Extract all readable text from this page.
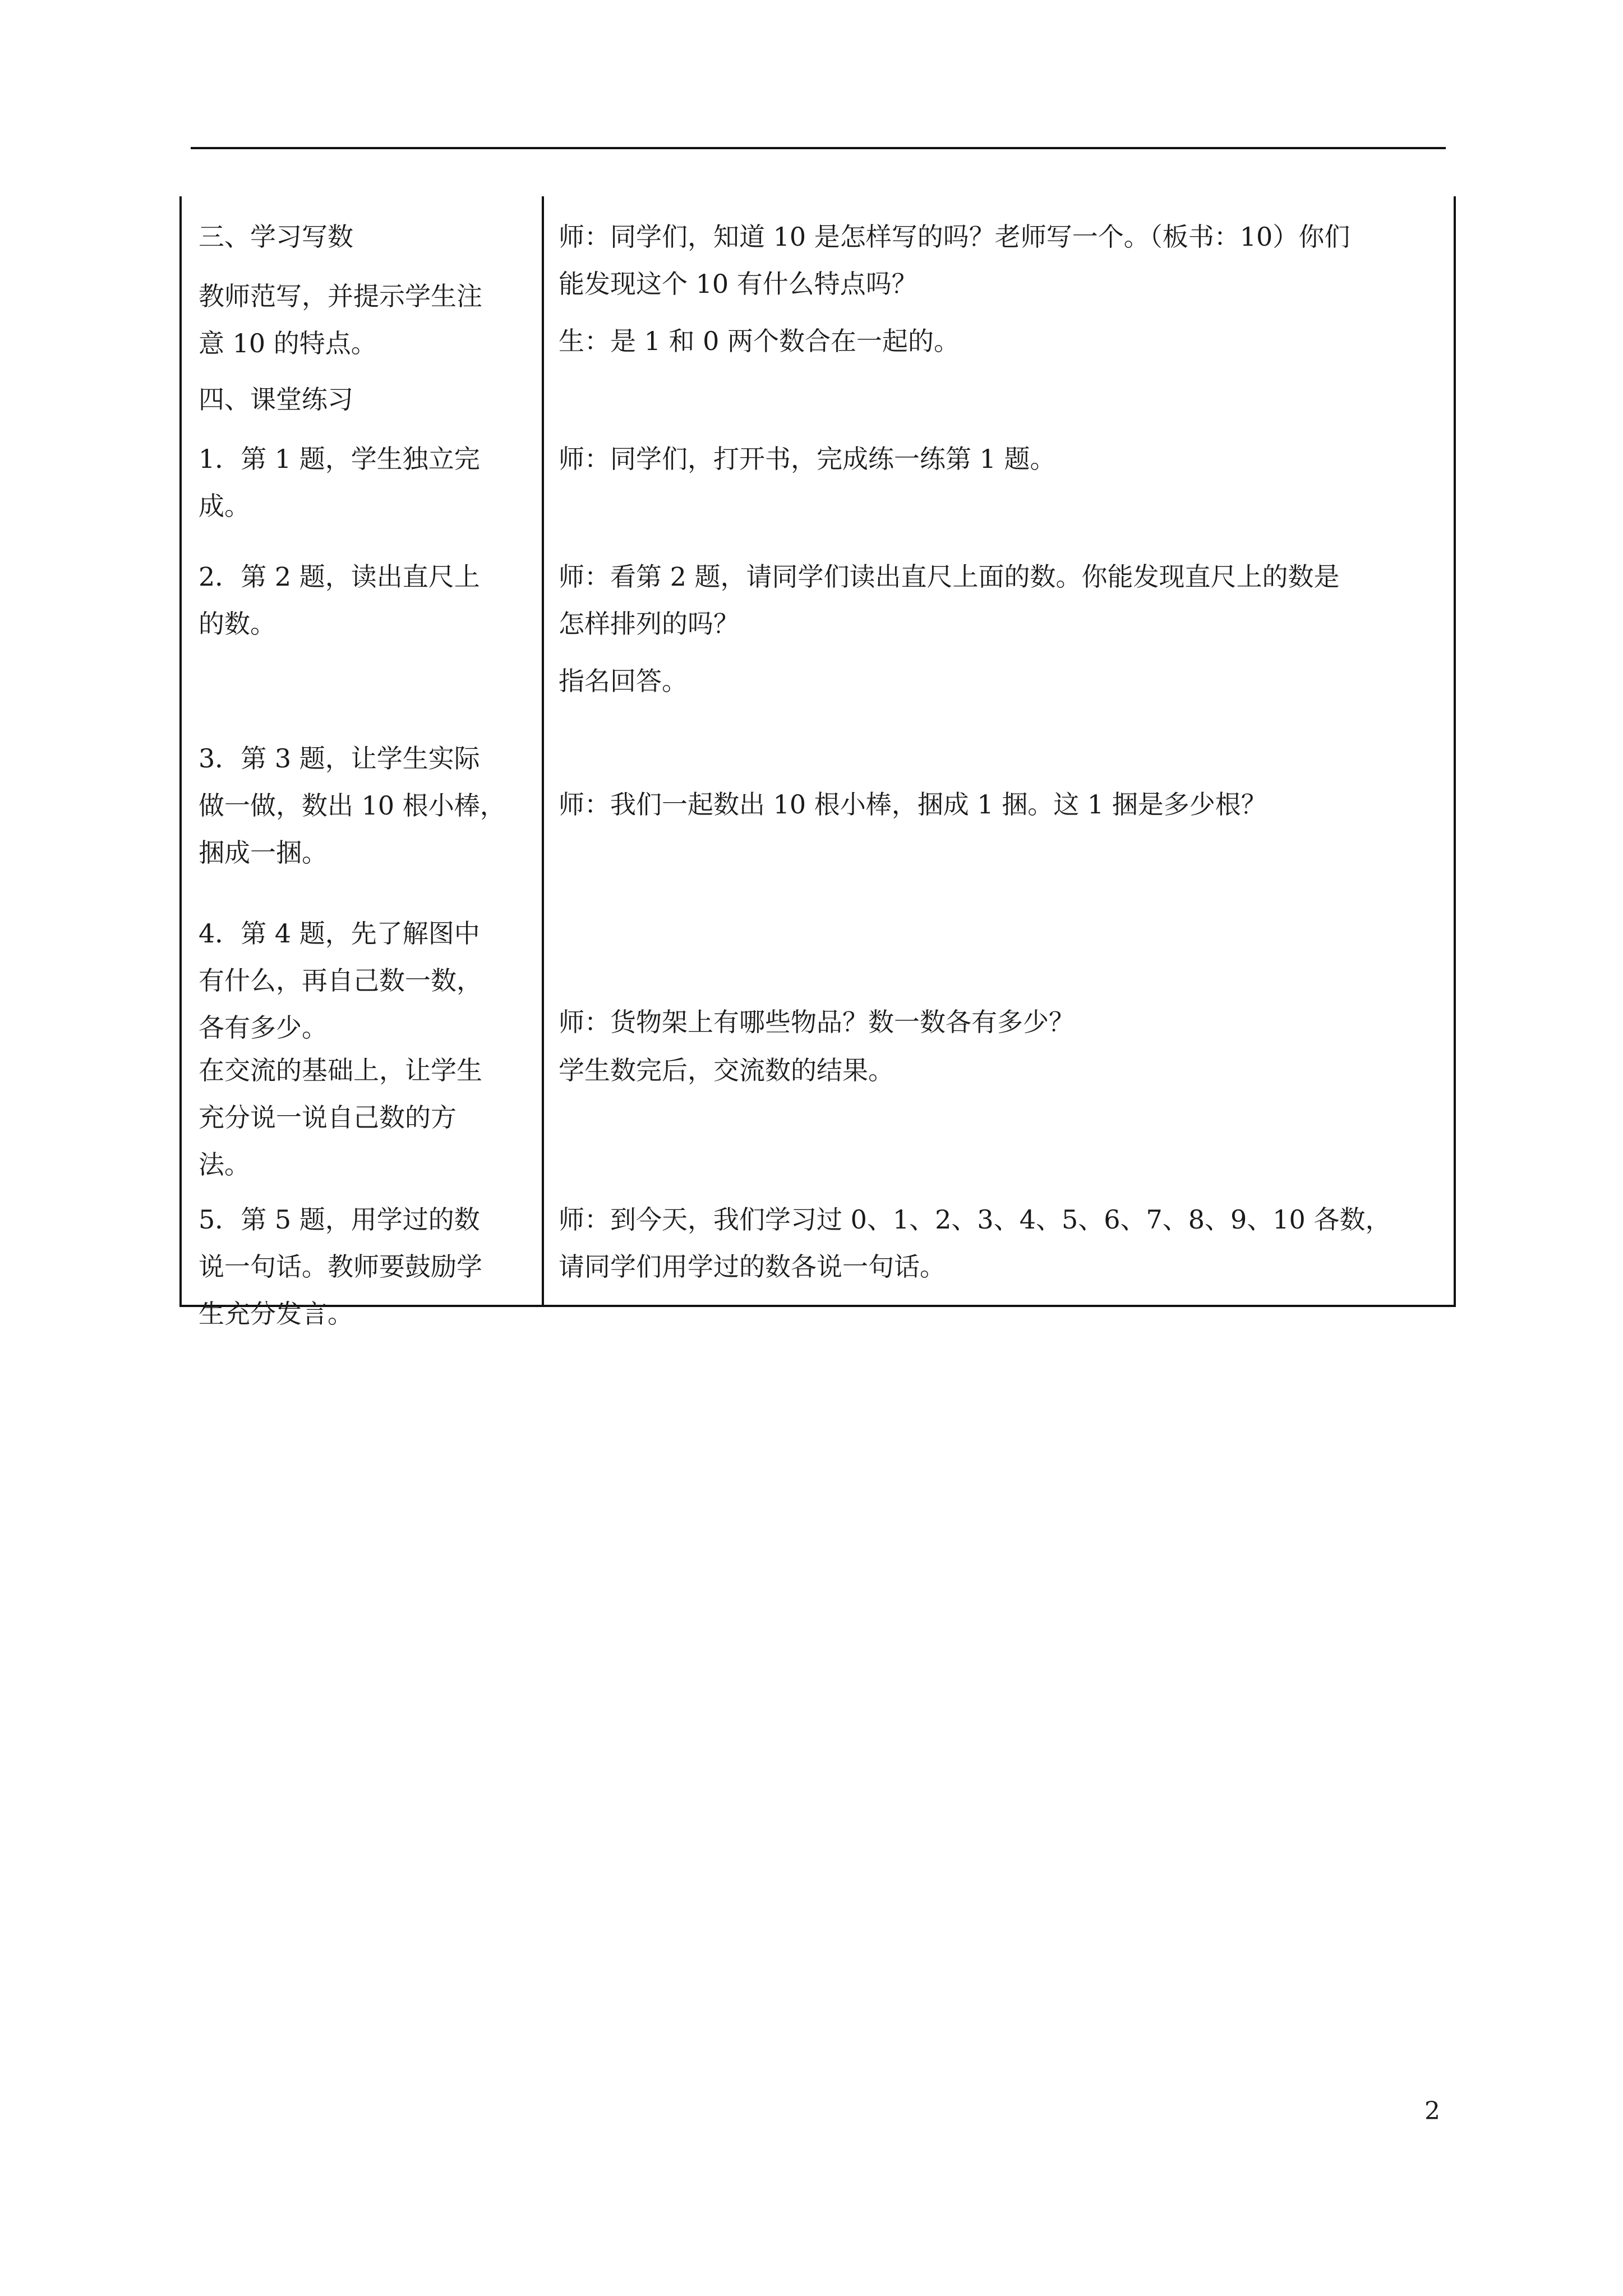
三、学习写数

教师范写，并提示学生注
意 10 的特点。

四、课堂练习

1．第 1 题，学生独立完
成。

2．第 2 题，读出直尺上
的数。

3．第 3 题，让学生实际
做一做，数出 10 根小棒，
捆成一捆。

4．第 4 题，先了解图中
有什么，再自己数一数，
各有多少。

在交流的基础上，让学生
充分说一说自己数的方
法。

5．第 5 题，用学过的数
说一句话。教师要鼓励学
生充分发言。

师：同学们，知道 10 是怎样写的吗？老师写一个。（板书：10）你们
能发现这个 10 有什么特点吗？

生：是 1 和 0 两个数合在一起的。

师：同学们，打开书，完成练一练第 1 题。

师：看第 2 题，请同学们读出直尺上面的数。你能发现直尺上的数是
怎样排列的吗？

指名回答。

师：我们一起数出 10 根小棒，捆成 1 捆。这 1 捆是多少根？

师：货物架上有哪些物品？数一数各有多少？

学生数完后，交流数的结果。

师：到今天，我们学习过 0、1、2、3、4、5、6、7、8、9、10 各数，
请同学们用学过的数各说一句话。

2
